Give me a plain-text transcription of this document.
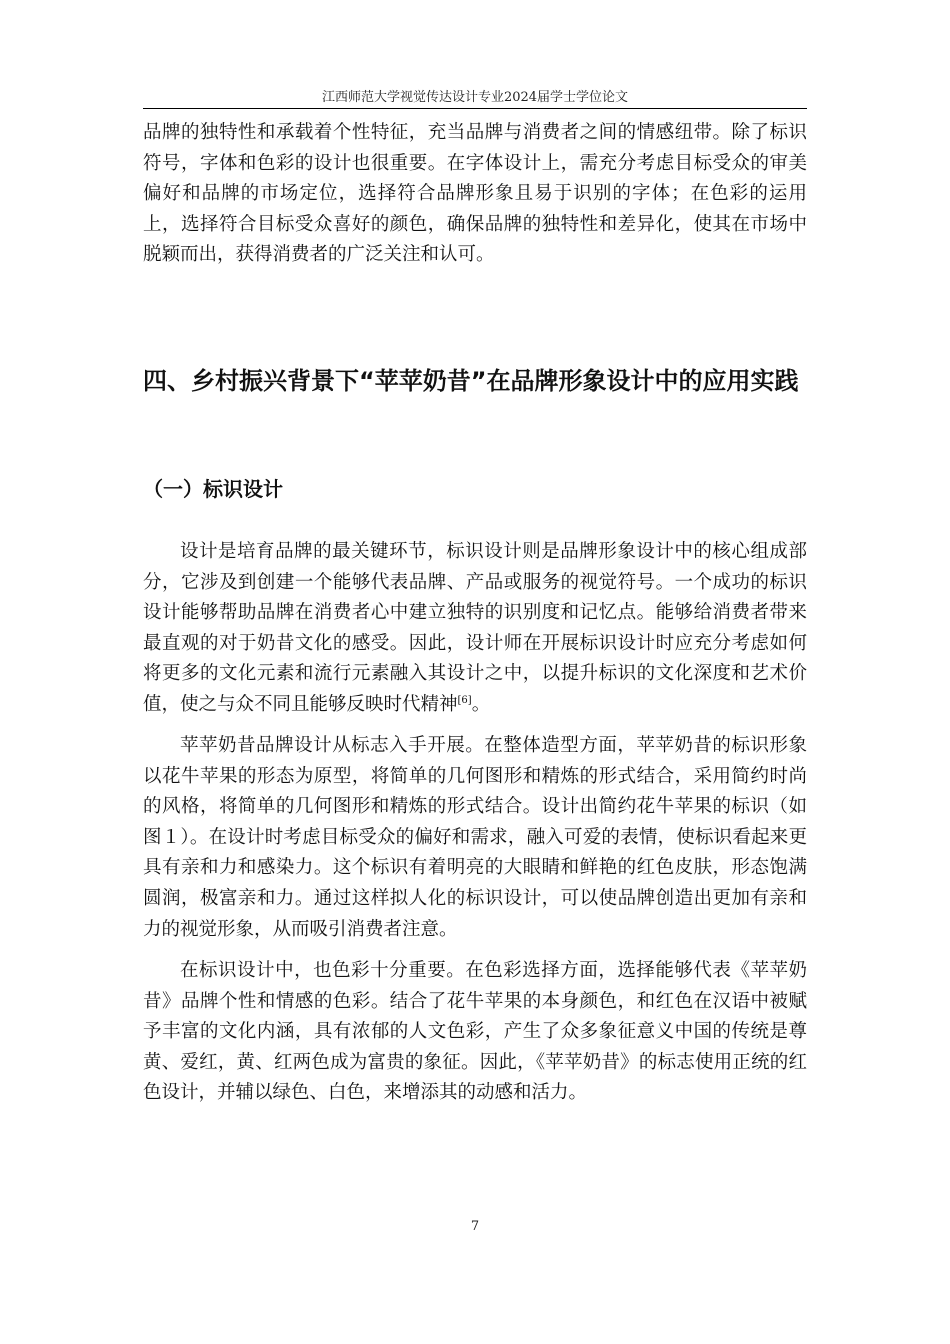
江西师范大学视觉传达设计专业2024届学士学位论文

品牌的独特性和承载着个性特征，充当品牌与消费者之间的情感纽带。除了标识符号，字体和色彩的设计也很重要。在字体设计上，需充分考虑目标受众的审美偏好和品牌的市场定位，选择符合品牌形象且易于识别的字体；在色彩的运用上，选择符合目标受众喜好的颜色，确保品牌的独特性和差异化，使其在市场中脱颖而出，获得消费者的广泛关注和认可。

四、乡村振兴背景下“苹苹奶昔”在品牌形象设计中的应用实践
（一）标识设计

设计是培育品牌的最关键环节，标识设计则是品牌形象设计中的核心组成部分，它涉及到创建一个能够代表品牌、产品或服务的视觉符号。一个成功的标识设计能够帮助品牌在消费者心中建立独特的识别度和记忆点。能够给消费者带来最直观的对于奶昔文化的感受。因此，设计师在开展标识设计时应充分考虑如何将更多的文化元素和流行元素融入其设计之中，以提升标识的文化深度和艺术价值，使之与众不同且能够反映时代精神[6]。

苹苹奶昔品牌设计从标志入手开展。在整体造型方面，苹苹奶昔的标识形象以花牛苹果的形态为原型，将简单的几何图形和精炼的形式结合，采用简约时尚的风格，将简单的几何图形和精炼的形式结合。设计出简约花牛苹果的标识（如图１）。在设计时考虑目标受众的偏好和需求，融入可爱的表情，使标识看起来更具有亲和力和感染力。这个标识有着明亮的大眼睛和鲜艳的红色皮肤，形态饱满圆润，极富亲和力。通过这样拟人化的标识设计，可以使品牌创造出更加有亲和力的视觉形象，从而吸引消费者注意。

在标识设计中，也色彩十分重要。在色彩选择方面，选择能够代表《苹苹奶昔》品牌个性和情感的色彩。结合了花牛苹果的本身颜色，和红色在汉语中被赋予丰富的文化内涵，具有浓郁的人文色彩，产生了众多象征意义中国的传统是尊黄、爱红，黄、红两色成为富贵的象征。因此，《苹苹奶昔》的标志使用正统的红色设计，并辅以绿色、白色，来增添其的动感和活力。

7
